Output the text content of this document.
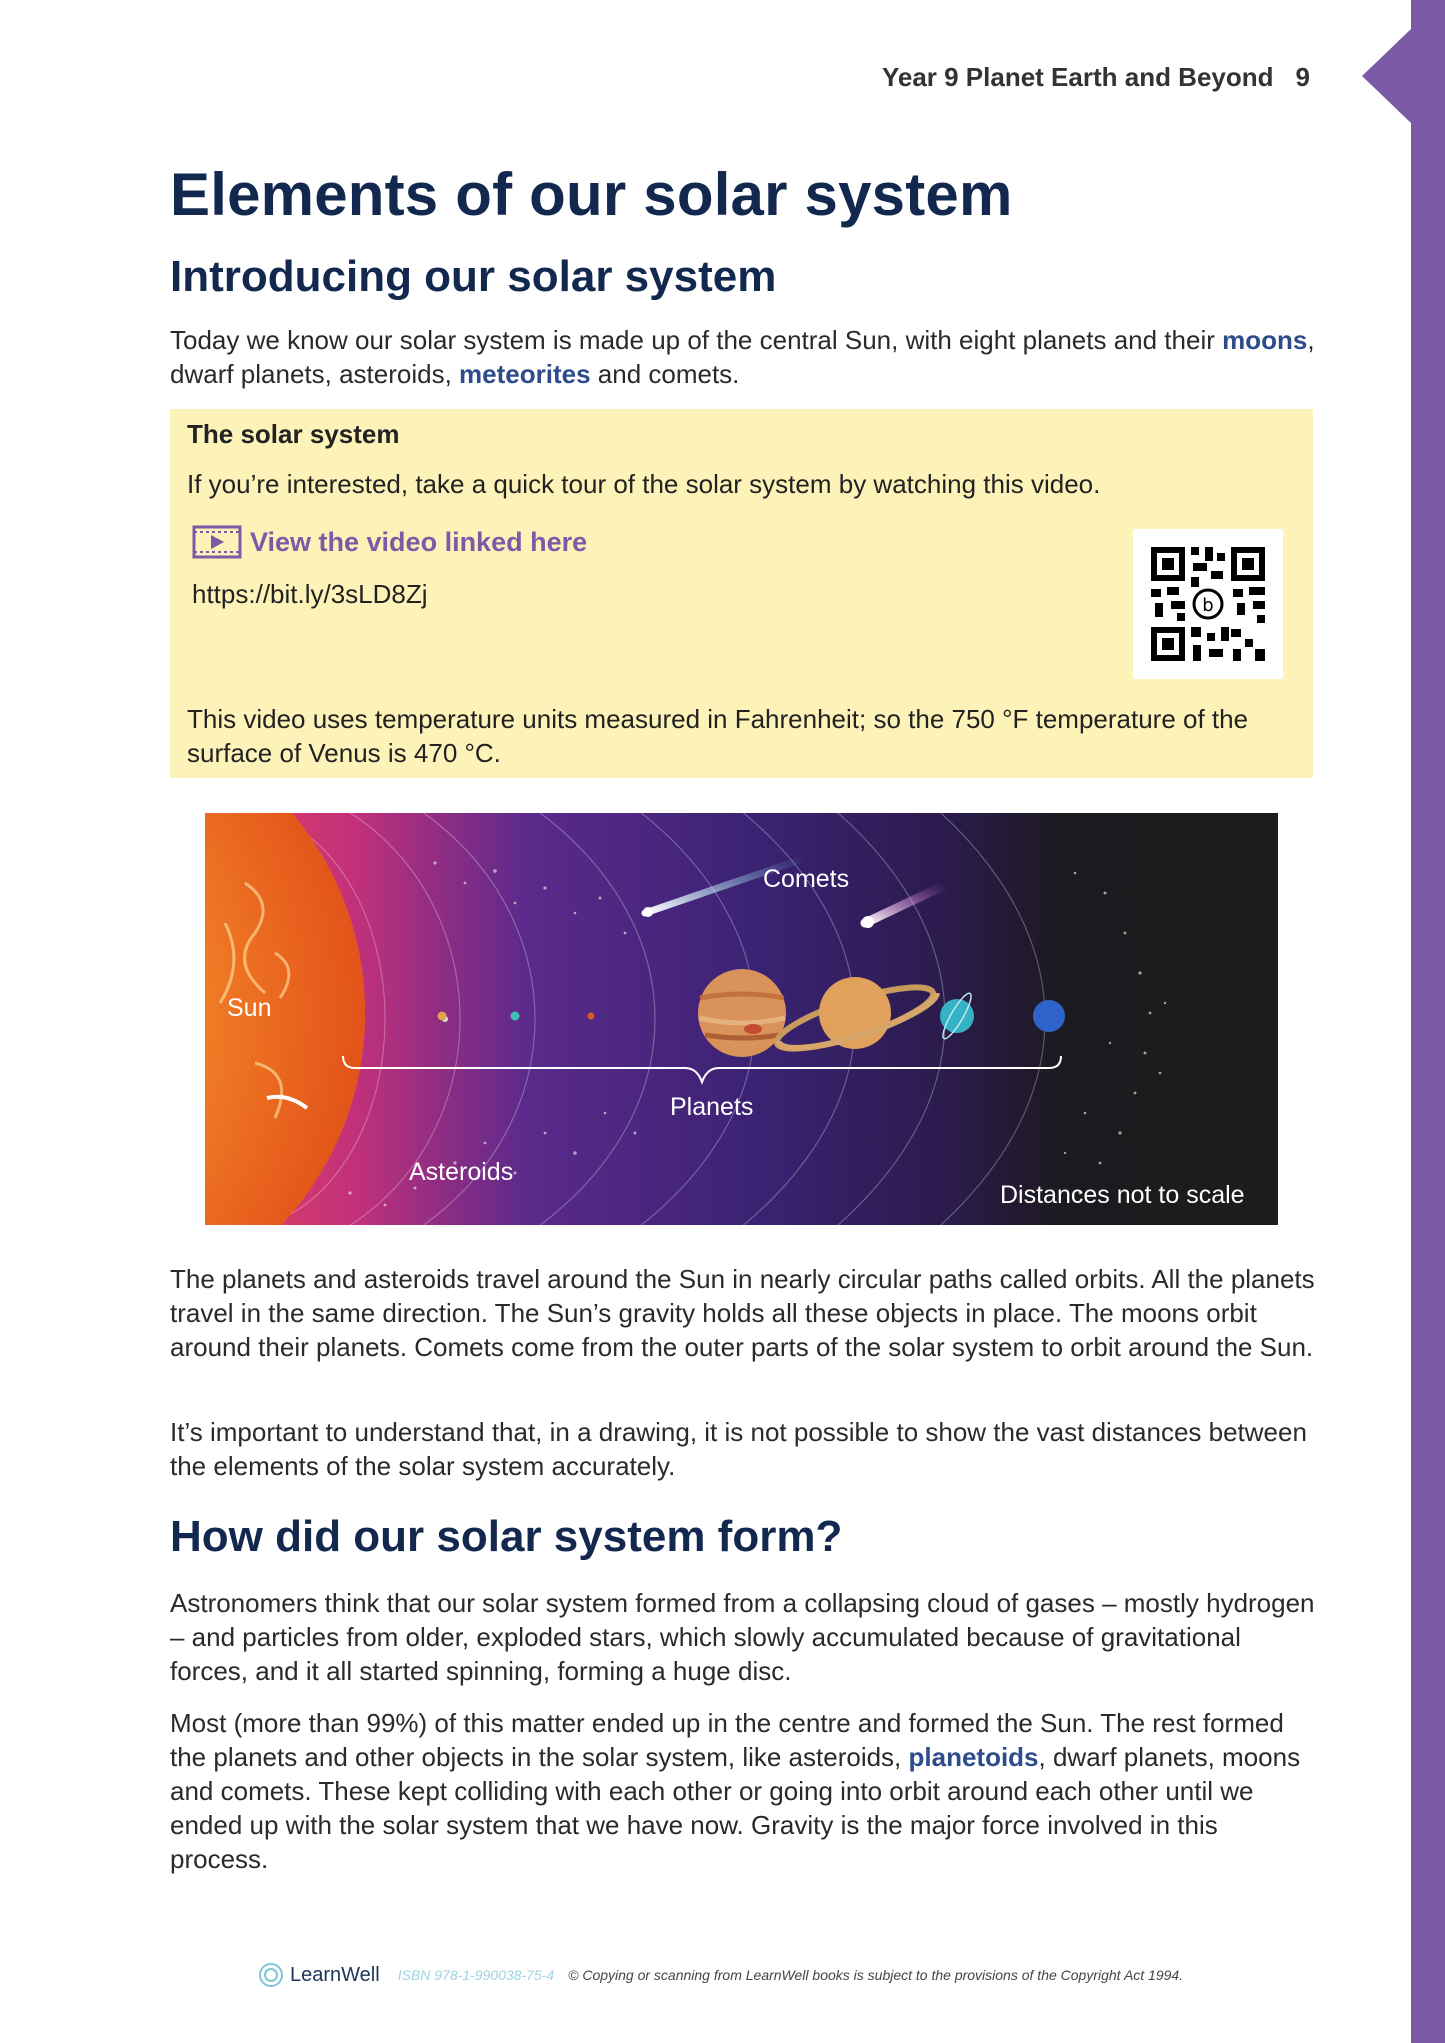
Year 9 Planet Earth and Beyond 9
Elements of our solar system
Introducing our solar system

Today we know our solar system is made up of the central Sun, with eight planets and their moons, dwarf planets, asteroids, meteorites and comets.

The solar system
If you’re interested, take a quick tour of the solar system by watching this video.
View the video linked here
https://bit.ly/3sLD8Zj	b
This video uses temperature units measured in Fahrenheit; so the 750 °F temperature of the surface of Venus is 470 °C.
Comets
Sun
Planets
Asteroids
Distances not to scale

The planets and asteroids travel around the Sun in nearly circular paths called orbits. All the planets travel in the same direction. The Sun’s gravity holds all these objects in place. The moons orbit around their planets. Comets come from the outer parts of the solar system to orbit around the Sun.

It’s important to understand that, in a drawing, it is not possible to show the vast distances between the elements of the solar system accurately.

How did our solar system form?

Astronomers think that our solar system formed from a collapsing cloud of gases – mostly hydrogen – and particles from older, exploded stars, which slowly accumulated because of gravitational forces, and it all started spinning, forming a huge disc.

Most (more than 99%) of this matter ended up in the centre and formed the Sun. The rest formed the planets and other objects in the solar system, like asteroids, planetoids, dwarf planets, moons and comets. These kept colliding with each other or going into orbit around each other until we ended up with the solar system that we have now. Gravity is the major force involved in this process.

LearnWell ISBN 978-1-990038-75-4 © Copying or scanning from LearnWell books is subject to the provisions of the Copyright Act 1994.
